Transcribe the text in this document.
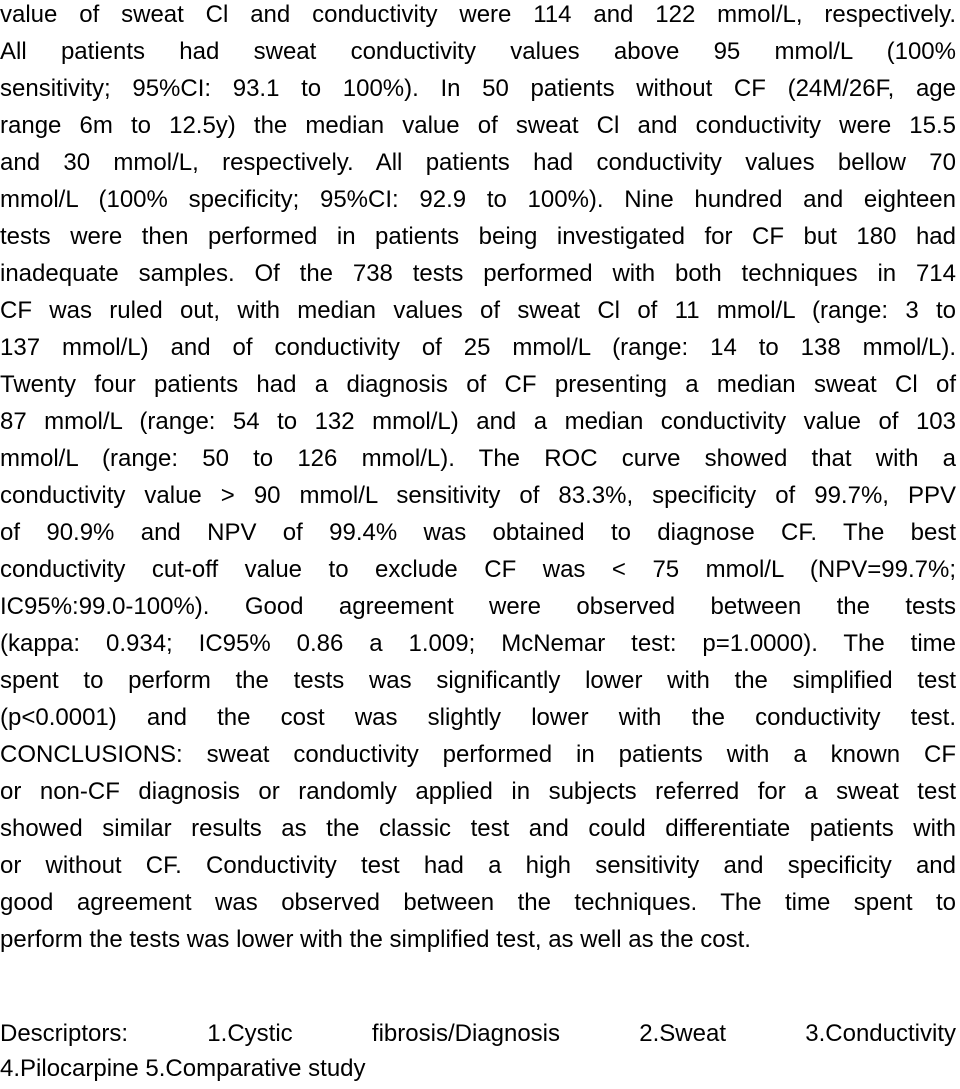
value of sweat Cl and conductivity were 114 and 122 mmol/L, respectively.
All patients had sweat conductivity values above 95 mmol/L (100%
sensitivity; 95%CI: 93.1 to 100%). In 50 patients without CF (24M/26F, age
range 6m to 12.5y) the median value of sweat Cl and conductivity were 15.5
and 30 mmol/L, respectively. All patients had conductivity values bellow 70
mmol/L (100% specificity; 95%CI: 92.9 to 100%). Nine hundred and eighteen
tests were then performed in patients being investigated for CF but 180 had
inadequate samples. Of the 738 tests performed with both techniques in 714
CF was ruled out, with median values of sweat Cl of 11 mmol/L (range: 3 to
137 mmol/L) and of conductivity of 25 mmol/L (range: 14 to 138 mmol/L).
Twenty four patients had a diagnosis of CF presenting a median sweat Cl of
87 mmol/L (range: 54 to 132 mmol/L) and a median conductivity value of 103
mmol/L (range: 50 to 126 mmol/L). The ROC curve showed that with a
conductivity value > 90 mmol/L sensitivity of 83.3%, specificity of 99.7%, PPV
of 90.9% and NPV of 99.4% was obtained to diagnose CF. The best
conductivity cut-off value to exclude CF was < 75 mmol/L (NPV=99.7%;
IC95%:99.0-100%). Good agreement were observed between the tests
(kappa: 0.934; IC95% 0.86 a 1.009; McNemar test: p=1.0000). The time
spent to perform the tests was significantly lower with the simplified test
(p<0.0001) and the cost was slightly lower with the conductivity test.
CONCLUSIONS: sweat conductivity performed in patients with a known CF
or non-CF diagnosis or randomly applied in subjects referred for a sweat test
showed similar results as the classic test and could differentiate patients with
or without CF. Conductivity test had a high sensitivity and specificity and
good agreement was observed between the techniques. The time spent to
perform the tests was lower with the simplified test, as well as the cost.
Descriptors: 1.Cystic fibrosis/Diagnosis 2.Sweat 3.Conductivity
4.Pilocarpine 5.Comparative study
